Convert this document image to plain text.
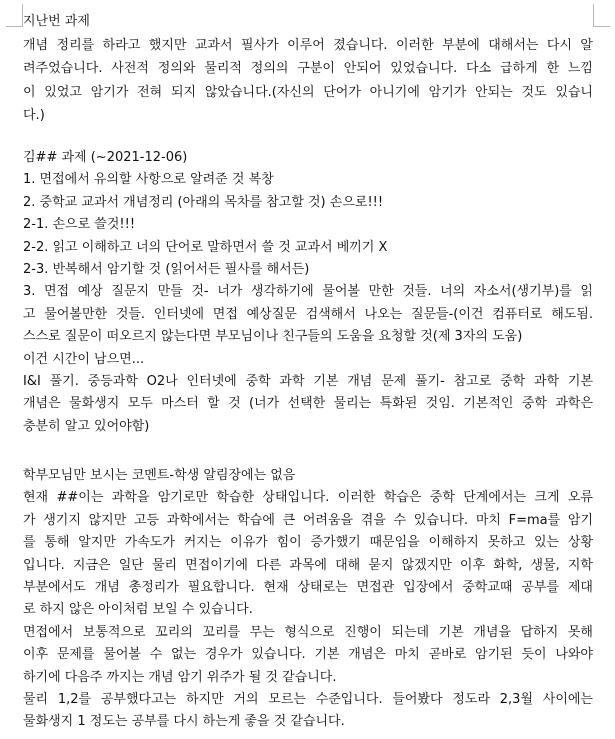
지난번 과제
개념 정리를 하라고 했지만 교과서 필사가 이루어 졌습니다. 이러한 부분에 대해서는 다시 알
려주었습니다. 사전적 정의와 물리적 정의의 구분이 안되어 있었습니다. 다소 급하게 한 느낌
이 있었고 암기가 전혀 되지 않았습니다.(자신의 단어가 아니기에 암기가 안되는 것도 있습니
다.)
김## 과제 (~2021-12-06)
1. 면접에서 유의할 사항으로 알려준 것 복창
2. 중학교 교과서 개념정리 (아래의 목차를 참고할 것) 손으로!!!
2-1. 손으로 쓸것!!!
2-2. 읽고 이해하고 너의 단어로 말하면서 쓸 것 교과서 베끼기 X
2-3. 반복해서 암기할 것 (읽어서든 필사를 해서든)
3. 면접 예상 질문지 만들 것- 너가 생각하기에 물어볼 만한 것들. 너의 자소서(생기부)를 읽
고 물어볼만한 것들. 인터넷에 면접 예상질문 검색해서 나오는 질문들-(이건 컴퓨터로 해도됨.
스스로 질문이 떠오르지 않는다면 부모님이나 친구들의 도움을 요청할 것(제 3자의 도움)
이건 시간이 남으면...
I&I 풀기. 중등과학 O2나 인터넷에 중학 과학 기본 개념 문제 풀기- 참고로 중학 과학 기본
개념은 물화생지 모두 마스터 할 것 (너가 선택한 물리는 특화된 것임. 기본적인 중학 과학은
충분히 알고 있어야함)
학부모님만 보시는 코멘트-학생 알림장에는 없음
현재 ##이는 과학을 암기로만 학습한 상태입니다. 이러한 학습은 중학 단계에서는 크게 오류
가 생기지 않지만 고등 과학에서는 학습에 큰 어려움을 겪을 수 있습니다. 마치 F=ma를 암기
를 통해 알지만 가속도가 커지는 이유가 힘이 증가했기 때문임을 이해하지 못하고 있는 상황
입니다. 지금은 일단 물리 면접이기에 다른 과목에 대해 묻지 않겠지만 이후 화학, 생물, 지학
부분에서도 개념 총정리가 필요합니다. 현재 상태로는 면접관 입장에서 중학교때 공부를 제대
로 하지 않은 아이처럼 보일 수 있습니다.
면접에서 보통적으로 꼬리의 꼬리를 무는 형식으로 진행이 되는데 기본 개념을 답하지 못해
이후 문제를 물어볼 수 없는 경우가 있습니다. 기본 개념은 마치 곧바로 암기된 듯이 나와야
하기에 다음주 까지는 개념 암기 위주가 될 것 같습니다.
물리 1,2를 공부했다고는 하지만 거의 모르는 수준입니다. 들어봤다 정도라 2,3월 사이에는
물화생지 1 정도는 공부를 다시 하는게 좋을 것 같습니다.
